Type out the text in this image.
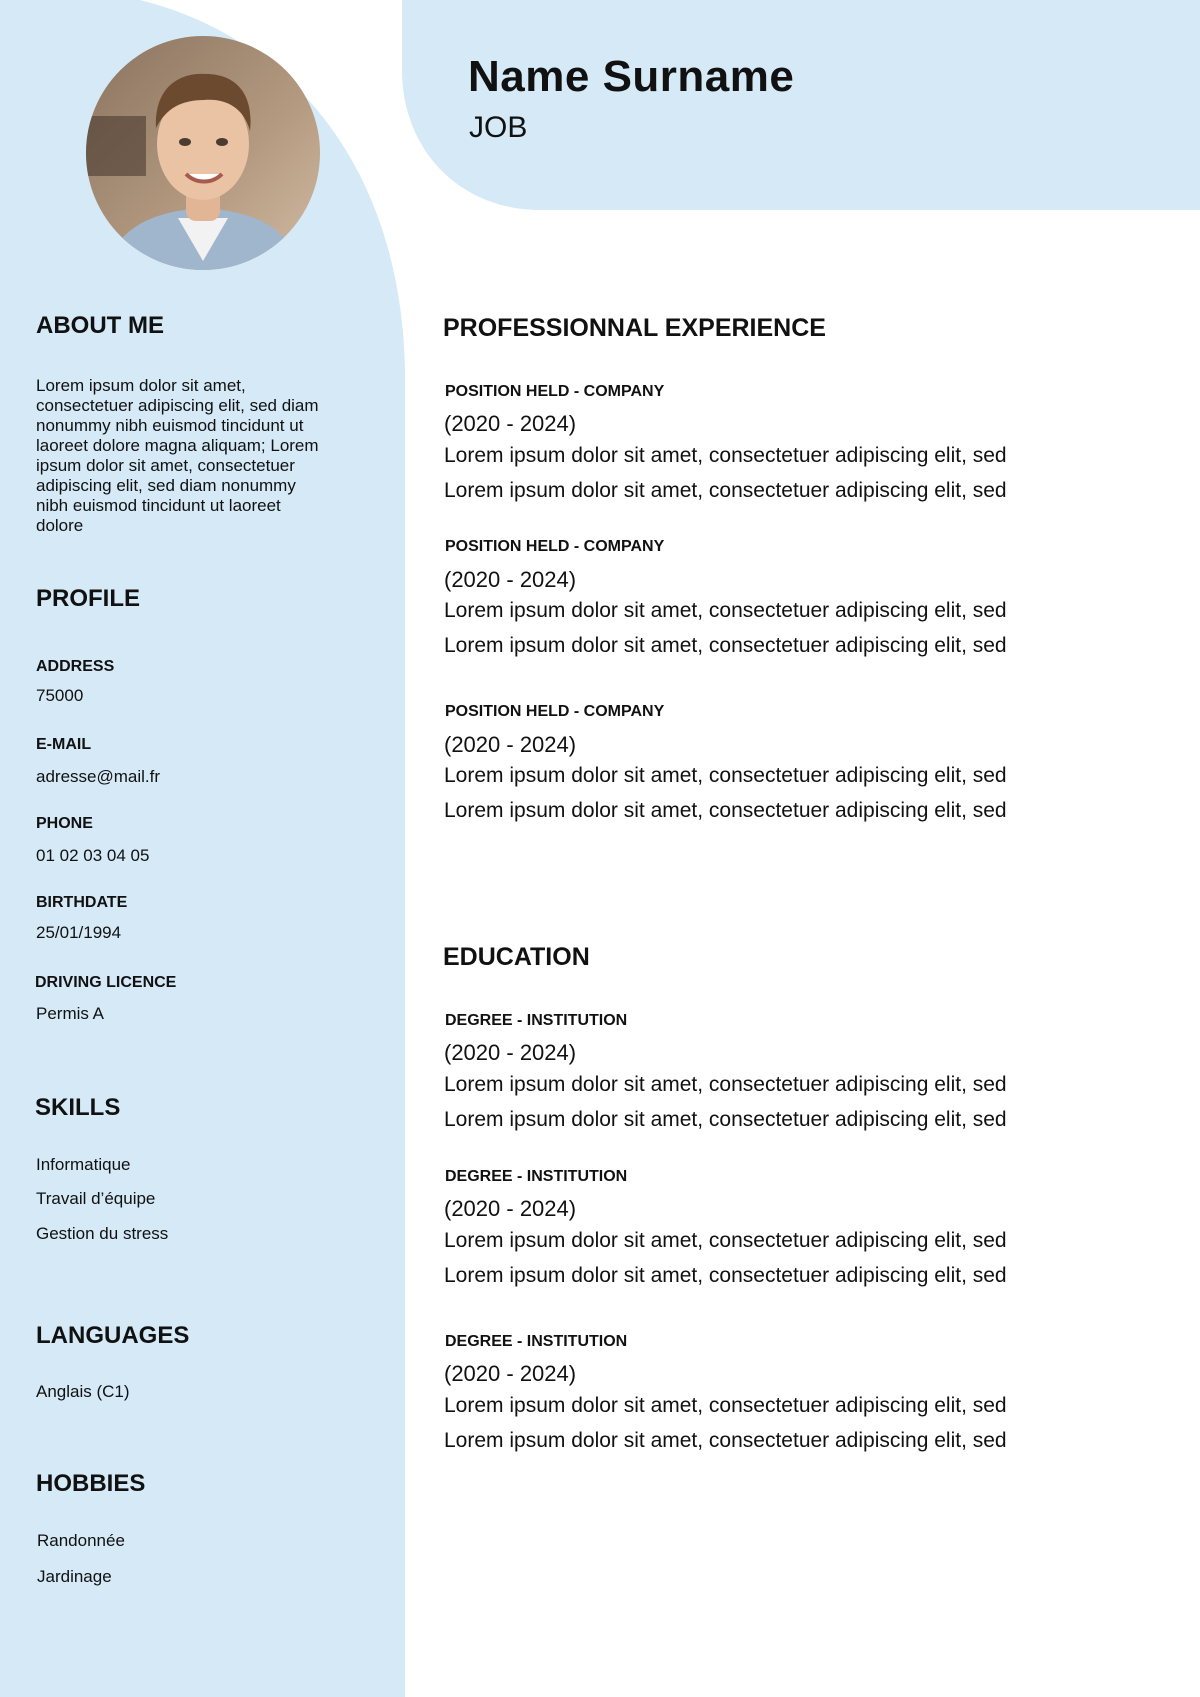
Name Surname
JOB
ABOUT ME
Lorem ipsum dolor sit amet,
consectetuer adipiscing elit, sed diam
nonummy nibh euismod tincidunt ut
laoreet dolore magna aliquam; Lorem
ipsum dolor sit amet, consectetuer
adipiscing elit, sed diam nonummy
nibh euismod tincidunt ut laoreet
dolore
PROFILE
ADDRESS
75000
E-MAIL
adresse@mail.fr
PHONE
01 02 03 04 05
BIRTHDATE
25/01/1994
DRIVING LICENCE
Permis A
SKILLS
Informatique
Travail d’équipe
Gestion du stress
LANGUAGES
Anglais (C1)
HOBBIES
Randonnée
Jardinage
PROFESSIONNAL EXPERIENCE
POSITION HELD - COMPANY
(2020 - 2024)
Lorem ipsum dolor sit amet, consectetuer adipiscing elit, sed
Lorem ipsum dolor sit amet, consectetuer adipiscing elit, sed
POSITION HELD - COMPANY
(2020 - 2024)
Lorem ipsum dolor sit amet, consectetuer adipiscing elit, sed
Lorem ipsum dolor sit amet, consectetuer adipiscing elit, sed
POSITION HELD - COMPANY
(2020 - 2024)
Lorem ipsum dolor sit amet, consectetuer adipiscing elit, sed
Lorem ipsum dolor sit amet, consectetuer adipiscing elit, sed
EDUCATION
DEGREE - INSTITUTION
(2020 - 2024)
Lorem ipsum dolor sit amet, consectetuer adipiscing elit, sed
Lorem ipsum dolor sit amet, consectetuer adipiscing elit, sed
DEGREE - INSTITUTION
(2020 - 2024)
Lorem ipsum dolor sit amet, consectetuer adipiscing elit, sed
Lorem ipsum dolor sit amet, consectetuer adipiscing elit, sed
DEGREE - INSTITUTION
(2020 - 2024)
Lorem ipsum dolor sit amet, consectetuer adipiscing elit, sed
Lorem ipsum dolor sit amet, consectetuer adipiscing elit, sed
